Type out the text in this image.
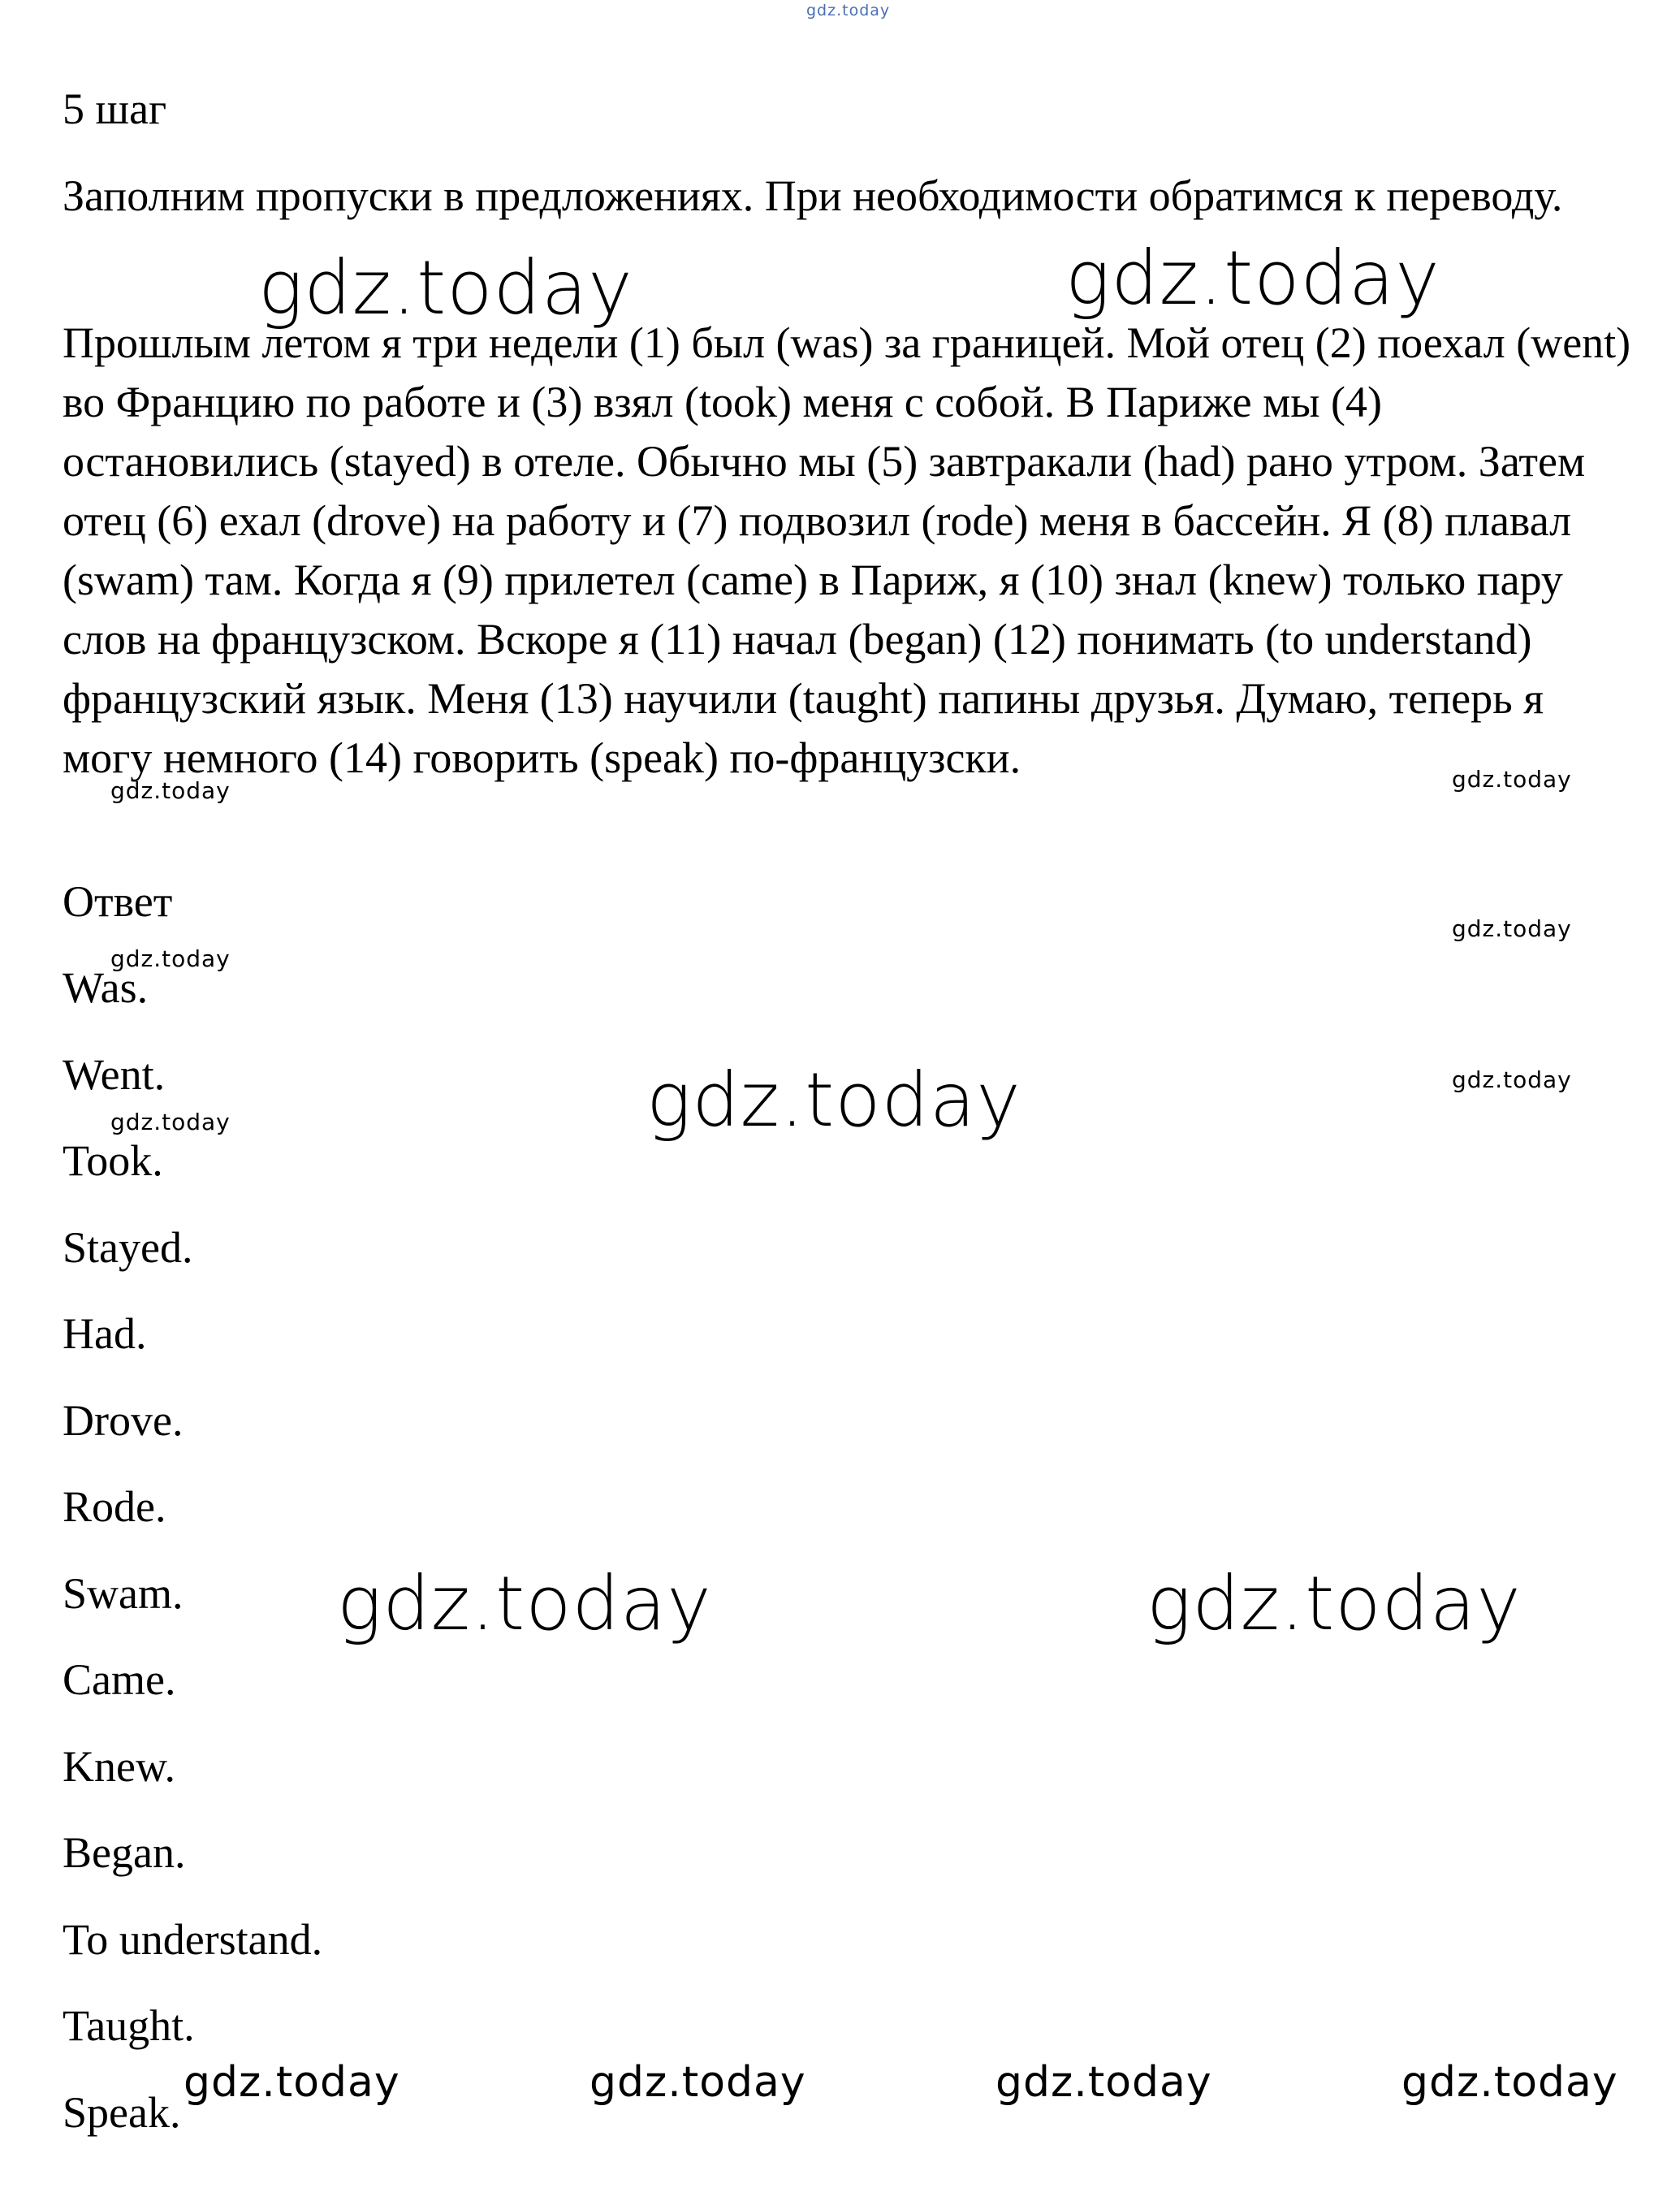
gdz.today
5 шаг
Заполним пропуски в предложениях. При необходимости обратимся к переводу.
Прошлым летом я три недели (1) был (was) за границей. Мой отец (2) поехал (went) во Францию по работе и (3) взял (took) меня с собой. В Париже мы (4) остановились (stayed) в отеле. Обычно мы (5) завтракали (had) рано утром. Затем отец (6) ехал (drove) на работу и (7) подвозил (rode) меня в бассейн. Я (8) плавал (swam) там. Когда я (9) прилетел (came) в Париж, я (10) знал (knew) только пару слов на французском. Вскоре я (11) начал (began) (12) понимать (to understand) французский язык. Меня (13) научили (taught) папины друзья. Думаю, теперь я могу немного (14) говорить (speak) по-французски.
Ответ
Was.
Went.
Took.
Stayed.
Had.
Drove.
Rode.
Swam.
Came.
Knew.
Began.
To understand.
Taught.
Speak.
gdz.today	gdz.today
gdz.today
gdz.today	gdz.today
gdz.today	gdz.today	gdz.today	gdz.today
gdz.today	gdz.today
gdz.today
gdz.today
gdz.today
gdz.today
